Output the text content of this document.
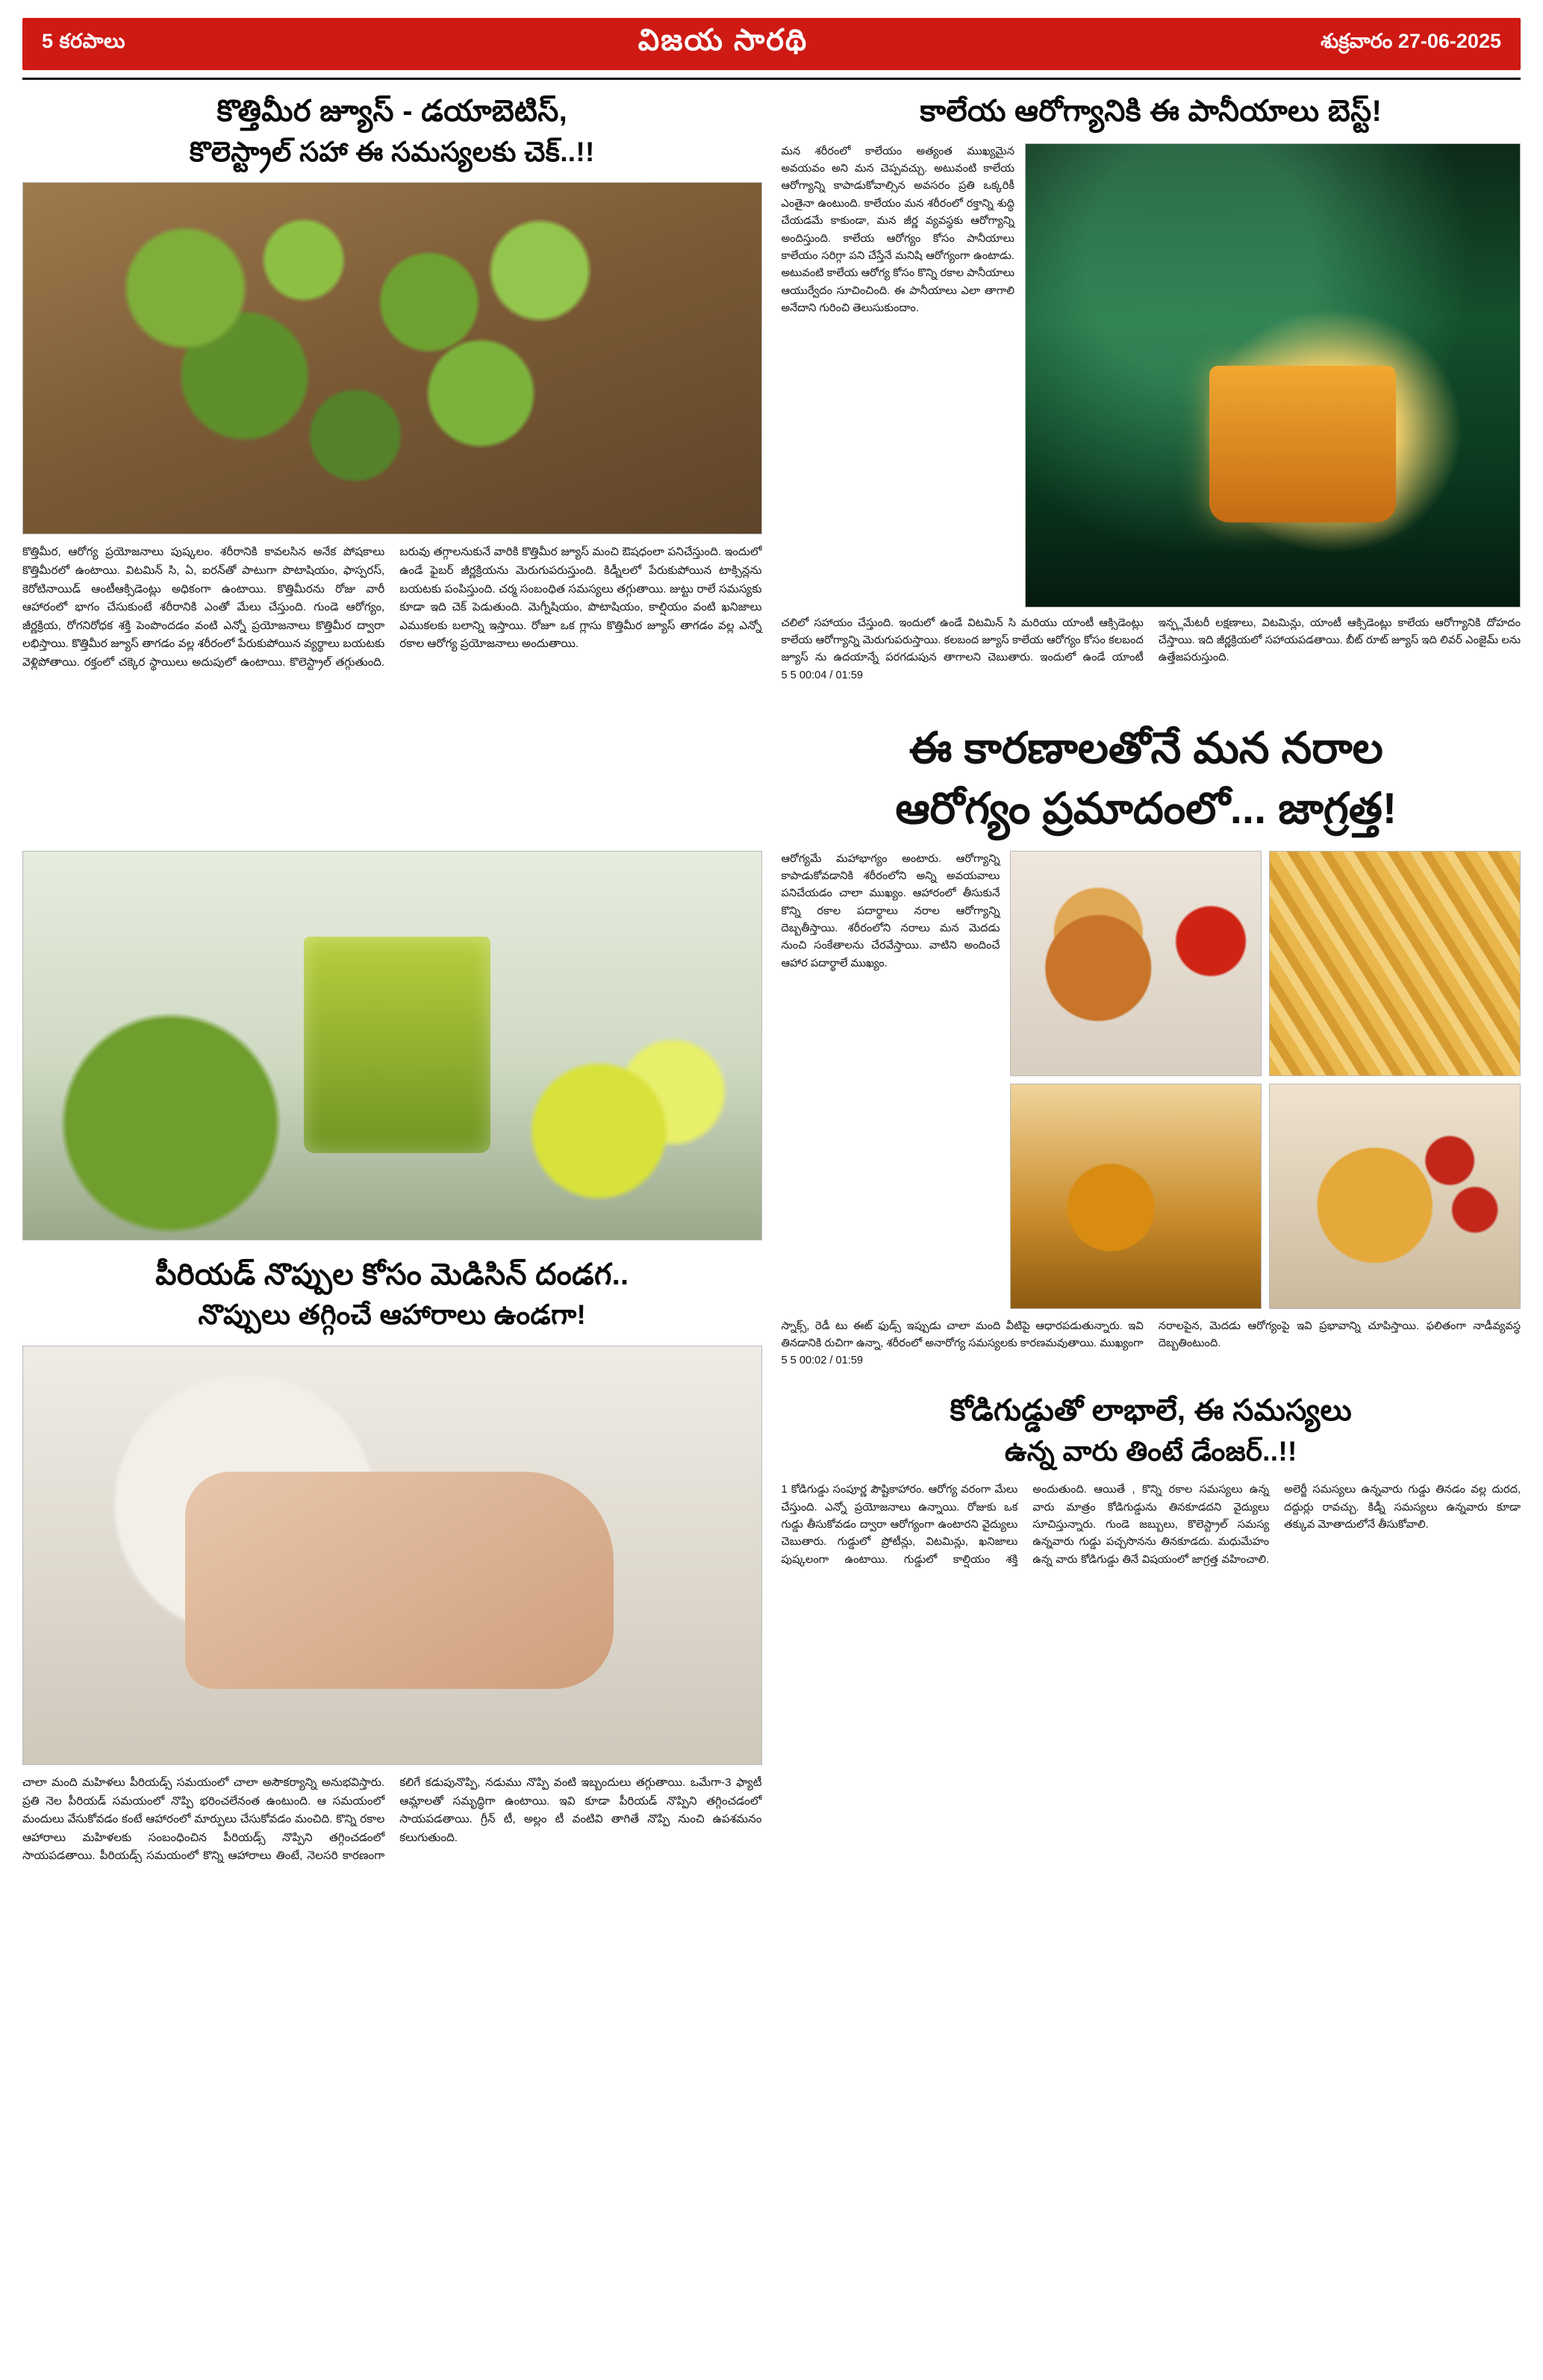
5 కరపాలు	విజయ సారథి	శుక్రవారం 27-06-2025
కొత్తిమీర జ్యూస్ - డయాబెటిస్,
కొలెస్ట్రాల్ సహా ఈ సమస్యలకు చెక్..!!
కొత్తిమీర, ఆరోగ్య ప్రయోజనాలు పుష్కలం. శరీరానికి కావలసిన అనేక పోషకాలు కొత్తిమీరలో ఉంటాయి. విటమిన్ సి, ఏ, ఐరన్‌తో పాటుగా పొటాషియం, ఫాస్పరస్, కెరోటినాయిడ్ ఆంటీఆక్సిడెంట్లు అధికంగా ఉంటాయి. కొత్తిమీరను రోజు వారీ ఆహారంలో భాగం చేసుకుంటే శరీరానికి ఎంతో మేలు చేస్తుంది. గుండె ఆరోగ్యం, జీర్ణక్రియ, రోగనిరోధక శక్తి పెంపొందడం వంటి ఎన్నో ప్రయోజనాలు కొత్తిమీర ద్వారా లభిస్తాయి. కొత్తిమీర జ్యూస్ తాగడం వల్ల శరీరంలో పేరుకుపోయిన వ్యర్థాలు బయటకు వెళ్లిపోతాయి. రక్తంలో చక్కెర స్థాయిలు అదుపులో ఉంటాయి. కొలెస్ట్రాల్ తగ్గుతుంది. బరువు తగ్గాలనుకునే వారికి కొత్తిమీర జ్యూస్ మంచి ఔషధంలా పనిచేస్తుంది. ఇందులో ఉండే ఫైబర్ జీర్ణక్రియను మెరుగుపరుస్తుంది. కిడ్నీలలో పేరుకుపోయిన టాక్సిన్లను బయటకు పంపిస్తుంది. చర్మ సంబంధిత సమస్యలు తగ్గుతాయి. జుట్టు రాలే సమస్యకు కూడా ఇది చెక్ పెడుతుంది. మెగ్నీషియం, పొటాషియం, కాల్షియం వంటి ఖనిజాలు ఎముకలకు బలాన్ని ఇస్తాయి. రోజూ ఒక గ్లాసు కొత్తిమీర జ్యూస్ తాగడం వల్ల ఎన్నో రకాల ఆరోగ్య ప్రయోజనాలు అందుతాయి.
కాలేయ ఆరోగ్యానికి ఈ పానీయాలు బెస్ట్!
మన శరీరంలో కాలేయం అత్యంత ముఖ్యమైన అవయవం అని మన చెప్పవచ్చు. అటువంటి కాలేయ ఆరోగ్యాన్ని కాపాడుకోవాల్సిన అవసరం ప్రతి ఒక్కరికీ ఎంతైనా ఉంటుంది. కాలేయం మన శరీరంలో రక్తాన్ని శుద్ధి చేయడమే కాకుండా, మన జీర్ణ వ్యవస్థకు ఆరోగ్యాన్ని అందిస్తుంది. కాలేయ ఆరోగ్యం కోసం పానీయాలు కాలేయం సరిగ్గా పని చేస్తేనే మనిషి ఆరోగ్యంగా ఉంటాడు. అటువంటి కాలేయ ఆరోగ్య కోసం కొన్ని రకాల పానీయాలు ఆయుర్వేదం సూచించింది. ఈ పానీయాలు ఎలా తాగాలి అనేదాని గురించి తెలుసుకుందాం.
చలిలో సహాయం చేస్తుంది. ఇందులో ఉండే విటమిన్ సి మరియు యాంటీ ఆక్సిడెంట్లు కాలేయ ఆరోగ్యాన్ని మెరుగుపరుస్తాయి. కలబంద జ్యూస్ కాలేయ ఆరోగ్యం కోసం కలబంద జ్యూస్ ను ఉదయాన్నే పరగడుపున తాగాలని చెబుతారు. ఇందులో ఉండే యాంటీ ఇన్ఫ్లమేటరీ లక్షణాలు, విటమిన్లు, యాంటీ ఆక్సిడెంట్లు కాలేయ ఆరోగ్యానికి దోహదం చేస్తాయి. ఇది జీర్ణక్రియలో సహాయపడతాయి. బీట్ రూట్ జ్యూస్ ఇది లివర్ ఎంజైమ్ లను ఉత్తేజపరుస్తుంది.
5 5 00:04 / 01:59
ఈ కారణాలతోనే మన నరాల
ఆరోగ్యం ప్రమాదంలో... జాగ్రత్త!
పీరియడ్ నొప్పుల కోసం మెడిసిన్ దండగ..
నొప్పులు తగ్గించే ఆహారాలు ఉండగా!
చాలా మంది మహిళలు పీరియడ్స్ సమయంలో చాలా అసౌకర్యాన్ని అనుభవిస్తారు. ప్రతి నెల పీరియడ్ సమయంలో నొప్పి భరించలేనంత ఉంటుంది. ఆ సమయంలో మందులు వేసుకోవడం కంటే ఆహారంలో మార్పులు చేసుకోవడం మంచిది. కొన్ని రకాల ఆహారాలు మహిళలకు సంబంధించిన పీరియడ్స్ నొప్పిని తగ్గించడంలో సాయపడతాయి. పీరియడ్స్ సమయంలో కొన్ని ఆహారాలు తింటే, నెలసరి కారణంగా కలిగే కడుపునొప్పి, నడుము నొప్పి వంటి ఇబ్బందులు తగ్గుతాయి. ఒమేగా-3 ఫ్యాటీ ఆమ్లాలతో సమృద్ధిగా ఉంటాయి. ఇవి కూడా పీరియడ్ నొప్పిని తగ్గించడంలో సాయపడతాయి. గ్రీన్ టీ, అల్లం టీ వంటివి తాగితే నొప్పి నుంచి ఉపశమనం కలుగుతుంది.
ఆరోగ్యమే మహాభాగ్యం అంటారు. ఆరోగ్యాన్ని కాపాడుకోవడానికి శరీరంలోని అన్ని అవయవాలు పనిచేయడం చాలా ముఖ్యం. ఆహారంలో తీసుకునే కొన్ని రకాల పదార్థాలు నరాల ఆరోగ్యాన్ని దెబ్బతీస్తాయి. శరీరంలోని నరాలు మన మెదడు నుంచి సంకేతాలను చేరవేస్తాయి. వాటిని అందించే ఆహార పదార్థాలే ముఖ్యం.
స్నాక్స్, రెడీ టు ఈట్ ఫుడ్స్ ఇప్పుడు చాలా మంది వీటిపై ఆధారపడుతున్నారు. ఇవి తినడానికి రుచిగా ఉన్నా, శరీరంలో అనారోగ్య సమస్యలకు కారణమవుతాయి. ముఖ్యంగా నరాలపైన, మెదడు ఆరోగ్యంపై ఇవి ప్రభావాన్ని చూపిస్తాయి. ఫలితంగా నాడీవ్యవస్థ దెబ్బతింటుంది.
5 5 00:02 / 01:59
కోడిగుడ్డుతో లాభాలే, ఈ సమస్యలు
ఉన్న వారు తింటే డేంజర్..!!
1 కోడిగుడ్డు సంపూర్ణ పౌష్టికాహారం. ఆరోగ్య వరంగా మేలు చేస్తుంది. ఎన్నో ప్రయోజనాలు ఉన్నాయి. రోజుకు ఒక గుడ్డు తీసుకోవడం ద్వారా ఆరోగ్యంగా ఉంటారని వైద్యులు చెబుతారు. గుడ్డులో ప్రోటీన్లు, విటమిన్లు, ఖనిజాలు పుష్కలంగా ఉంటాయి. గుడ్డులో కాల్షియం శక్తి అందుతుంది. ఆయితే , కొన్ని రకాల సమస్యలు ఉన్న వారు మాత్రం కోడిగుడ్డును తినకూడదని వైద్యులు సూచిస్తున్నారు. గుండె జబ్బులు, కొలెస్ట్రాల్ సమస్య ఉన్నవారు గుడ్డు పచ్చసొనను తినకూడదు. మధుమేహం ఉన్న వారు కోడిగుడ్డు తినే విషయంలో జాగ్రత్త వహించాలి. అలెర్జీ సమస్యలు ఉన్నవారు గుడ్డు తినడం వల్ల దురద, దద్దుర్లు రావచ్చు. కిడ్నీ సమస్యలు ఉన్నవారు కూడా తక్కువ మోతాదులోనే తీసుకోవాలి.
